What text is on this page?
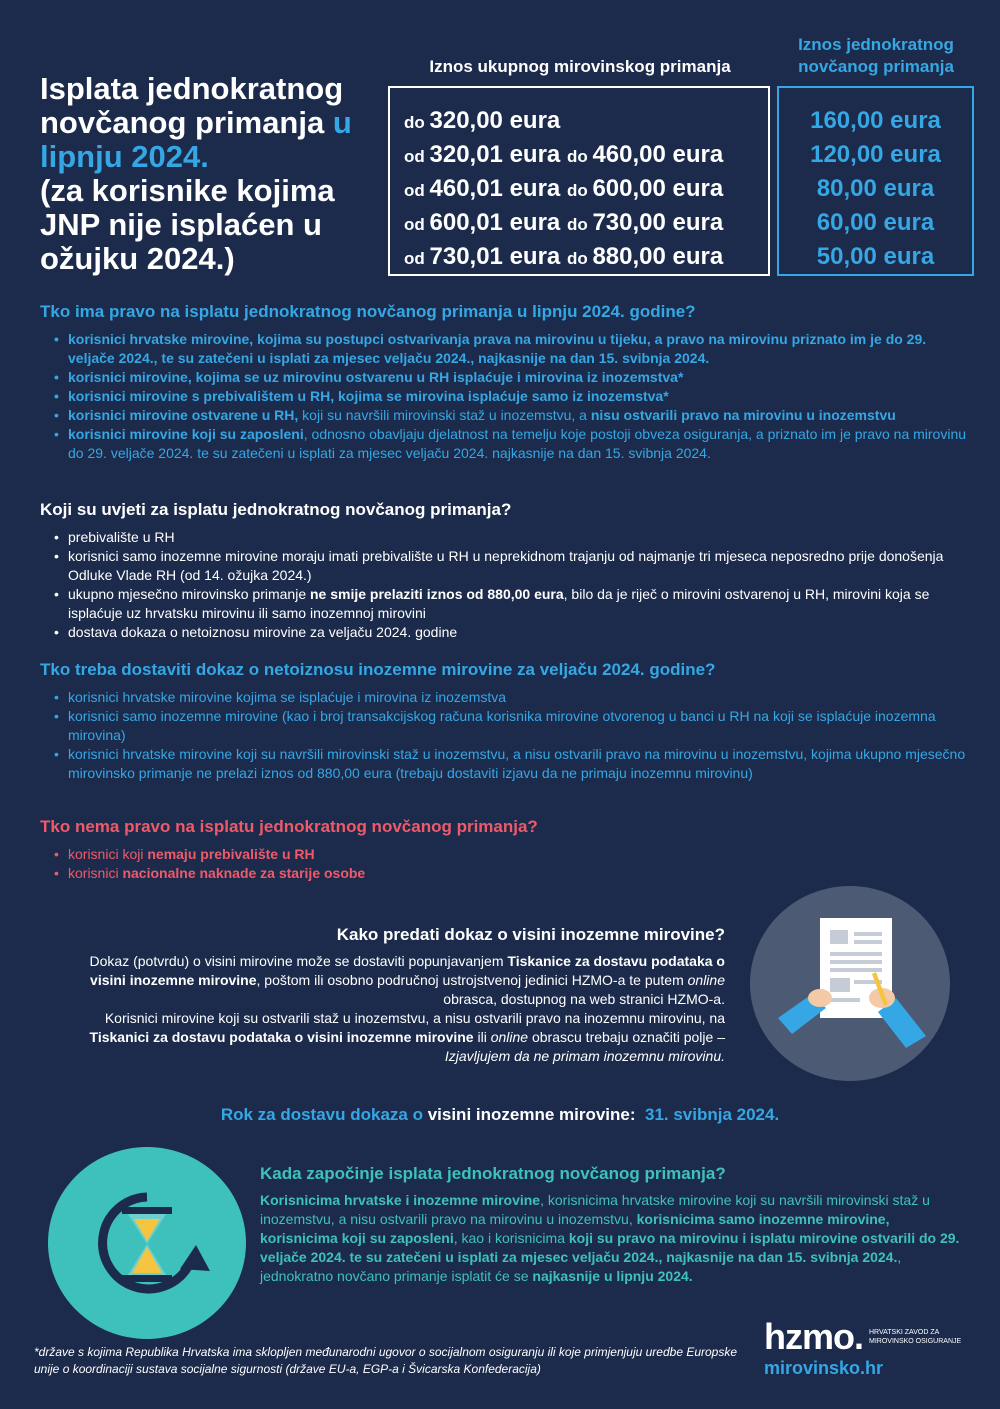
Isplata jednokratnog
novčanog primanja u
lipnju 2024.
(za korisnike kojima JNP nije isplaćen u ožujku 2024.)
Iznos ukupnog mirovinskog primanja
Iznos jednokratnog novčanog primanja
do 320,00 eura
od 320,01 eura do 460,00 eura
od 460,01 eura do 600,00 eura
od 600,01 eura do 730,00 eura
od 730,01 eura do 880,00 eura
160,00 eura
120,00 eura
80,00 eura
60,00 eura
50,00 eura
Tko ima pravo na isplatu jednokratnog novčanog primanja u lipnju 2024. godine?
• korisnici hrvatske mirovine, kojima su postupci ostvarivanja prava na mirovinu u tijeku, a pravo na mirovinu priznato im je do 29. veljače 2024., te su zatečeni u isplati za mjesec veljaču 2024., najkasnije na dan 15. svibnja 2024.
• korisnici mirovine, kojima se uz mirovinu ostvarenu u RH isplaćuje i mirovina iz inozemstva*
• korisnici mirovine s prebivalištem u RH, kojima se mirovina isplaćuje samo iz inozemstva*
• korisnici mirovine ostvarene u RH, koji su navršili mirovinski staž u inozemstvu, a nisu ostvarili pravo na mirovinu u inozemstvu
• korisnici mirovine koji su zaposleni, odnosno obavljaju djelatnost na temelju koje postoji obveza osiguranja, a priznato im je pravo na mirovinu do 29. veljače 2024. te su zatečeni u isplati za mjesec veljaču 2024. najkasnije na dan 15. svibnja 2024.
Koji su uvjeti za isplatu jednokratnog novčanog primanja?
• prebivalište u RH
• korisnici samo inozemne mirovine moraju imati prebivalište u RH u neprekidnom trajanju od najmanje tri mjeseca neposredno prije donošenja Odluke Vlade RH (od 14. ožujka 2024.)
• ukupno mjesečno mirovinsko primanje ne smije prelaziti iznos od 880,00 eura, bilo da je riječ o mirovini ostvarenoj u RH, mirovini koja se isplaćuje uz hrvatsku mirovinu ili samo inozemnoj mirovini
• dostava dokaza o netoiznosu mirovine za veljaču 2024. godine
Tko treba dostaviti dokaz o netoiznosu inozemne mirovine za veljaču 2024. godine?
• korisnici hrvatske mirovine kojima se isplaćuje i mirovina iz inozemstva
• korisnici samo inozemne mirovine (kao i broj transakcijskog računa korisnika mirovine otvorenog u banci u RH na koji se isplaćuje inozemna mirovina)
• korisnici hrvatske mirovine koji su navršili mirovinski staž u inozemstvu, a nisu ostvarili pravo na mirovinu u inozemstvu, kojima ukupno mjesečno mirovinsko primanje ne prelazi iznos od 880,00 eura (trebaju dostaviti izjavu da ne primaju inozemnu mirovinu)
Tko nema pravo na isplatu jednokratnog novčanog primanja?
• korisnici koji nemaju prebivalište u RH
• korisnici nacionalne naknade za starije osobe
Kako predati dokaz o visini inozemne mirovine?

Dokaz (potvrdu) o visini mirovine može se dostaviti popunjavanjem Tiskanice za dostavu podataka o visini inozemne mirovine, poštom ili osobno područnoj ustrojstvenoj jedinici HZMO-a te putem online obrasca, dostupnog na web stranici HZMO-a.

Korisnici mirovine koji su ostvarili staž u inozemstvu, a nisu ostvarili pravo na inozemnu mirovinu, na Tiskanici za dostavu podataka o visini inozemne mirovine ili online obrascu trebaju označiti polje – Izjavljujem da ne primam inozemnu mirovinu.

Rok za dostavu dokaza o visini inozemne mirovine: 31. svibnja 2024.
Kada započinje isplata jednokratnog novčanog primanja?

Korisnicima hrvatske i inozemne mirovine, korisnicima hrvatske mirovine koji su navršili mirovinski staž u inozemstvu, a nisu ostvarili pravo na mirovinu u inozemstvu, korisnicima samo inozemne mirovine, korisnicima koji su zaposleni, kao i korisnicima koji su pravo na mirovinu i isplatu mirovine ostvarili do 29. veljače 2024. te su zatečeni u isplati za mjesec veljaču 2024., najkasnije na dan 15. svibnja 2024., jednokratno novčano primanje isplatit će se najkasnije u lipnju 2024.

*države s kojima Republika Hrvatska ima sklopljen međunarodni ugovor o socijalnom osiguranju ili koje primjenjuju uredbe Europske unije o koordinaciji sustava socijalne sigurnosti (države EU-a, EGP-a i Švicarska Konfederacija)
hzmo. HRVATSKI ZAVOD ZA MIROVINSKO OSIGURANJE
mirovinsko.hr
